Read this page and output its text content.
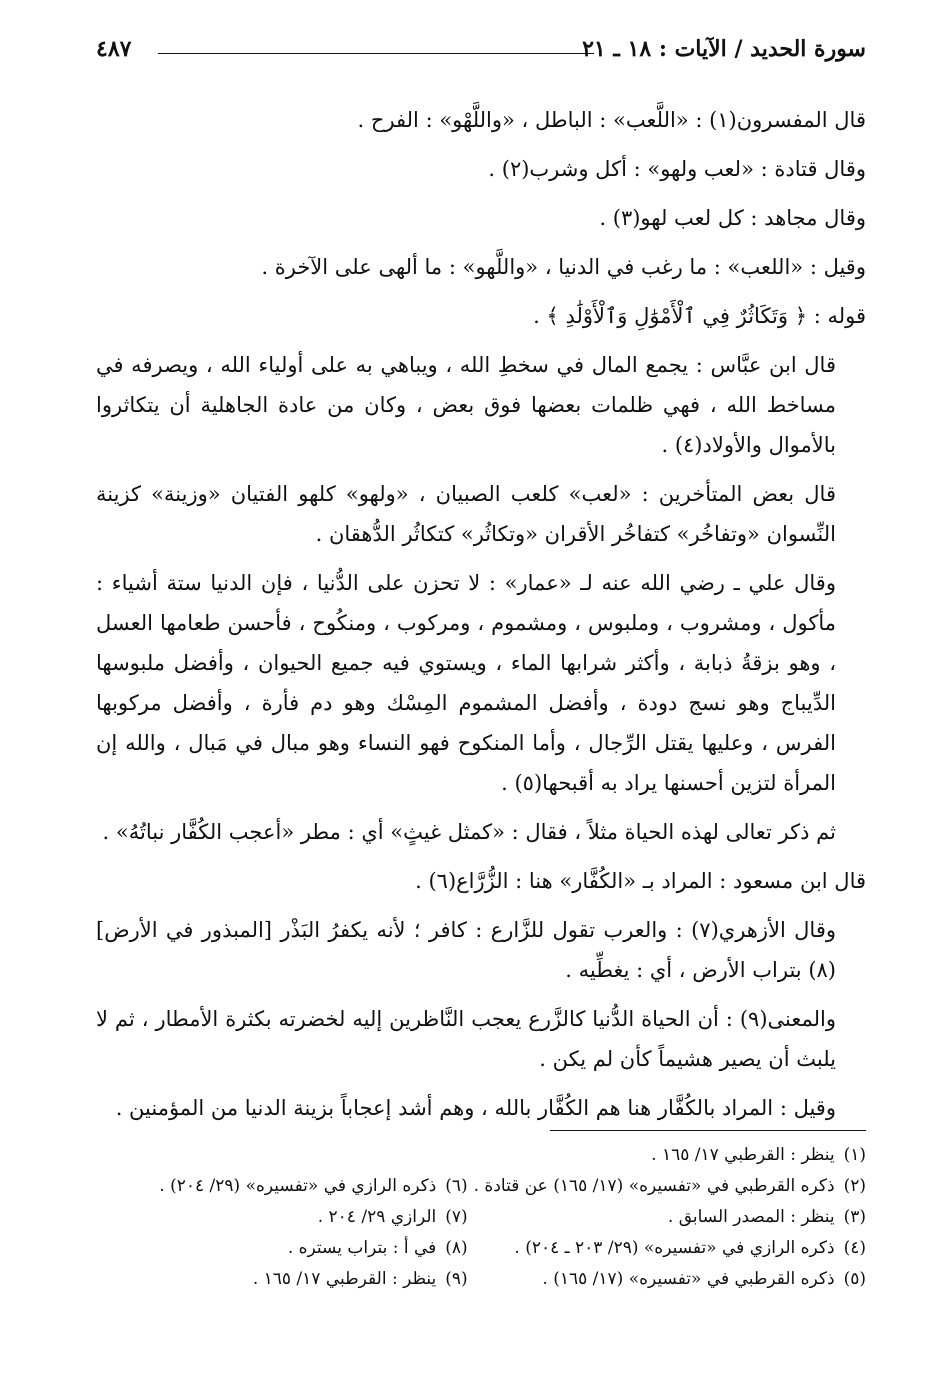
سورة الحديد / الآيات : ١٨ ـ ٢١
٤٨٧

قال المفسرون(١) : «اللَّعب» : الباطل ، «واللَّهْو» : الفرح .

وقال قتادة : «لعب ولهو» : أكل وشرب(٢) .

وقال مجاهد : كل لعب لهو(٣) .

وقيل : «اللعب» : ما رغب في الدنيا ، «واللَّهو» : ما ألهى على الآخرة .

قوله : ﴿ وَتَكَاثُرٌ فِي ٱلْأَمْوَٰلِ وَٱلْأَوْلَٰدِ ﴾ .

قال ابن عبَّاس : يجمع المال في سخطِ الله ، ويباهي به على أولياء الله ، ويصرفه في مساخط الله ، فهي ظلمات بعضها فوق بعض ، وكان من عادة الجاهلية أن يتكاثروا بالأموال والأولاد(٤) .

قال بعض المتأخرين : «لعب» كلعب الصبيان ، «ولهو» كلهو الفتيان «وزينة» كزينة النِّسوان «وتفاخُر» كتفاخُر الأقران «وتكاثُر» كتكاثُر الدُّهقان .

وقال علي ـ رضي الله عنه لـ «عمار» : لا تحزن على الدُّنيا ، فإن الدنيا ستة أشياء : مأكول ، ومشروب ، وملبوس ، ومشموم ، ومركوب ، ومنكُوح ، فأحسن طعامها العسل ، وهو بزقةُ ذبابة ، وأكثر شرابها الماء ، ويستوي فيه جميع الحيوان ، وأفضل ملبوسها الدِّيباج وهو نسج دودة ، وأفضل المشموم المِسْك وهو دم فأرة ، وأفضل مركوبها الفرس ، وعليها يقتل الرِّجال ، وأما المنكوح فهو النساء وهو مبال في مَبال ، والله إن المرأة لتزين أحسنها يراد به أقبحها(٥) .

ثم ذكر تعالى لهذه الحياة مثلاً ، فقال : «كمثل غيثٍ» أي : مطر «أعجب الكُفَّار نباتُهُ» .

قال ابن مسعود : المراد بـ «الكُفَّار» هنا : الزُّرَّاع(٦) .

وقال الأزهري(٧) : والعرب تقول للزَّارع : كافر ؛ لأنه يكفرُ البَذْر [المبذور في الأرض](٨) بتراب الأرض ، أي : يغطِّيه .

والمعنى(٩) : أن الحياة الدُّنيا كالزَّرع يعجب النَّاظرين إليه لخضرته بكثرة الأمطار ، ثم لا يلبث أن يصير هشيماً كأن لم يكن .

وقيل : المراد بالكُفَّار هنا هم الكُفَّار بالله ، وهم أشد إعجاباً بزينة الدنيا من المؤمنين .

(١) ينظر : القرطبي ١٧/ ١٦٥ .
(٢) ذكره القرطبي في «تفسيره» (١٧/ ١٦٥) عن قتادة .
(٦) ذكره الرازي في «تفسيره» (٢٩/ ٢٠٤) .
(٣) ينظر : المصدر السابق .
(٧) الرازي ٢٩/ ٢٠٤ .
(٤) ذكره الرازي في «تفسيره» (٢٩/ ٢٠٣ ـ ٢٠٤) .
(٨) في أ : بتراب يستره .
(٥) ذكره القرطبي في «تفسيره» (١٧/ ١٦٥) .
(٩) ينظر : القرطبي ١٧/ ١٦٥ .
